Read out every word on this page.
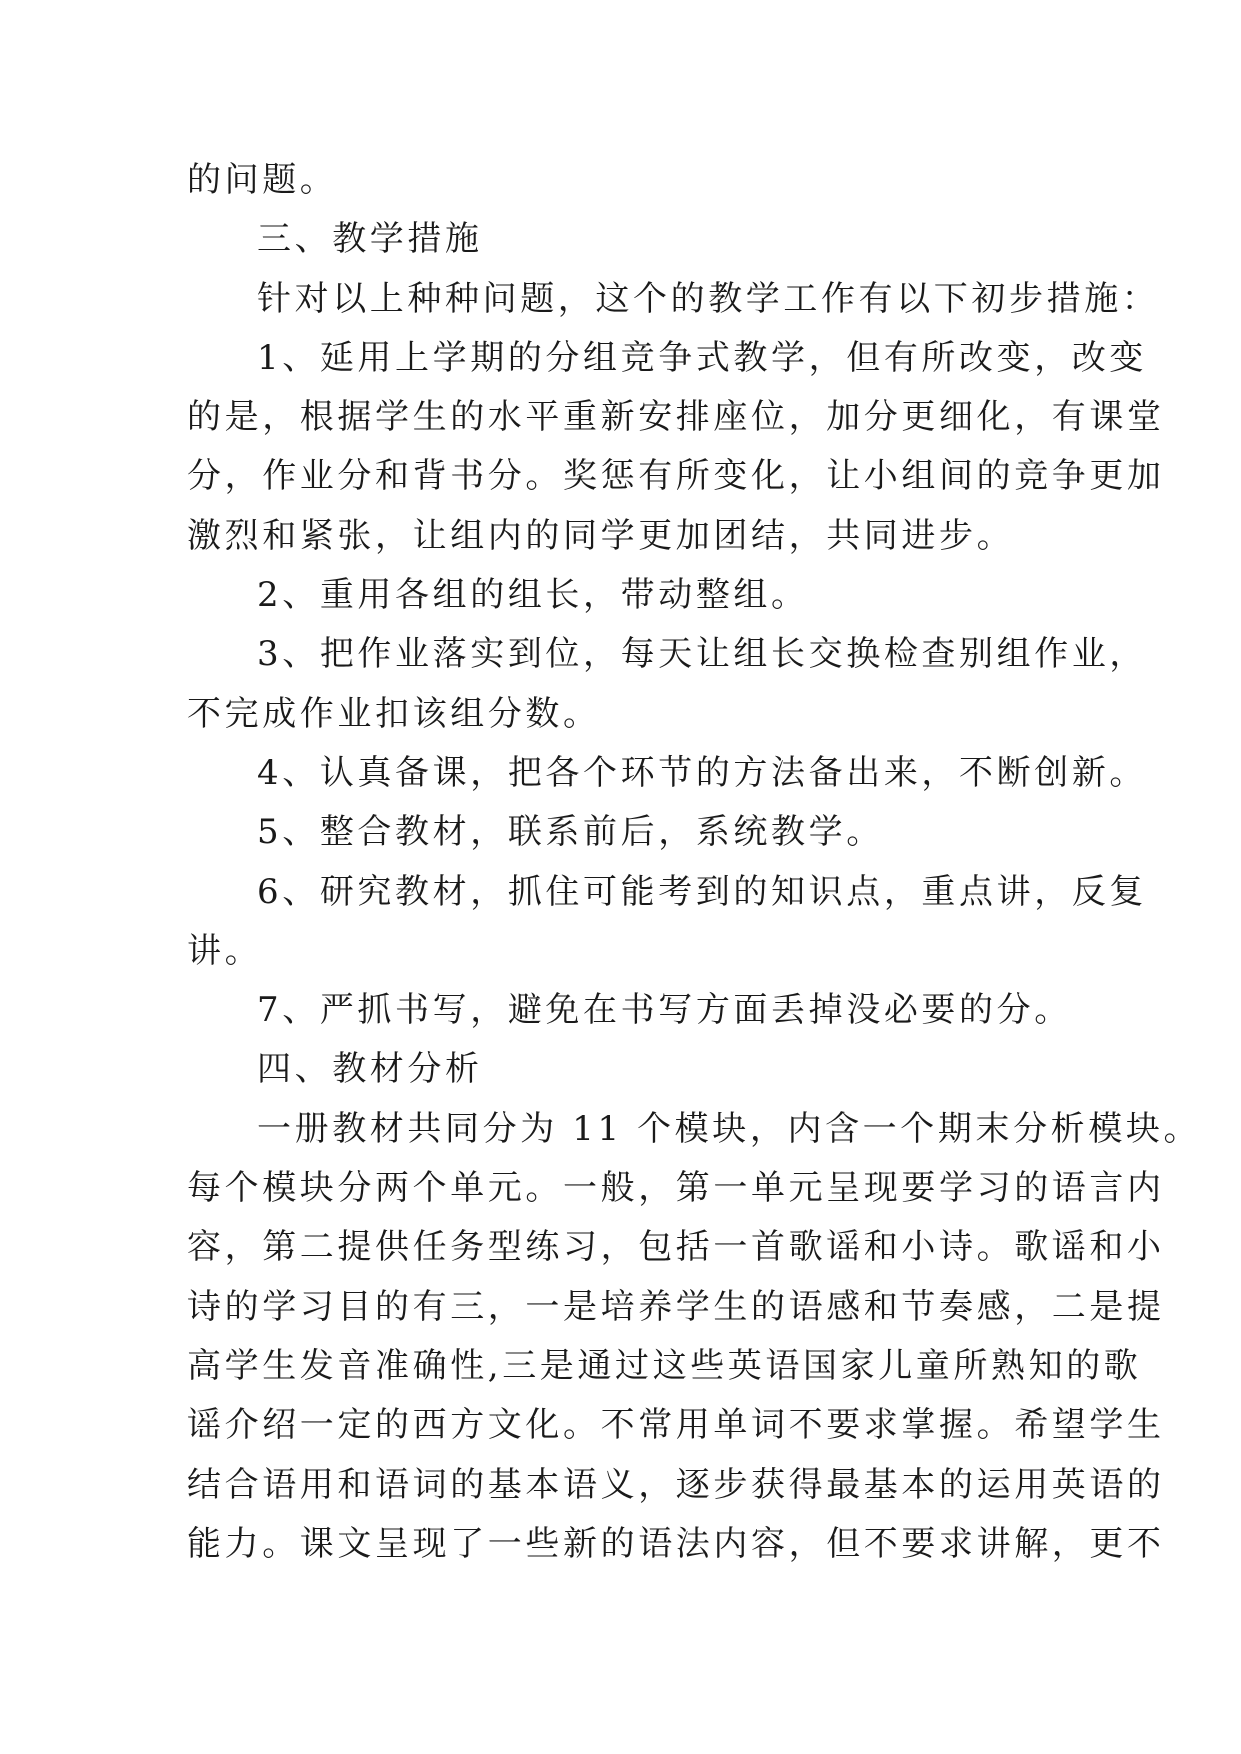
的问题。
三、教学措施
针对以上种种问题，这个的教学工作有以下初步措施：
1、延用上学期的分组竞争式教学，但有所改变，改变
的是，根据学生的水平重新安排座位，加分更细化，有课堂
分，作业分和背书分。奖惩有所变化，让小组间的竞争更加
激烈和紧张，让组内的同学更加团结，共同进步。
2、重用各组的组长，带动整组。
3、把作业落实到位，每天让组长交换检查别组作业，
不完成作业扣该组分数。
4、认真备课，把各个环节的方法备出来，不断创新。
5、整合教材，联系前后，系统教学。
6、研究教材，抓住可能考到的知识点，重点讲，反复
讲。
7、严抓书写，避免在书写方面丢掉没必要的分。
四、教材分析
一册教材共同分为 11 个模块，内含一个期末分析模块。
每个模块分两个单元。一般，第一单元呈现要学习的语言内
容，第二提供任务型练习，包括一首歌谣和小诗。歌谣和小
诗的学习目的有三，一是培养学生的语感和节奏感，二是提
高学生发音准确性,三是通过这些英语国家儿童所熟知的歌
谣介绍一定的西方文化。不常用单词不要求掌握。希望学生
结合语用和语词的基本语义，逐步获得最基本的运用英语的
能力。课文呈现了一些新的语法内容，但不要求讲解，更不
